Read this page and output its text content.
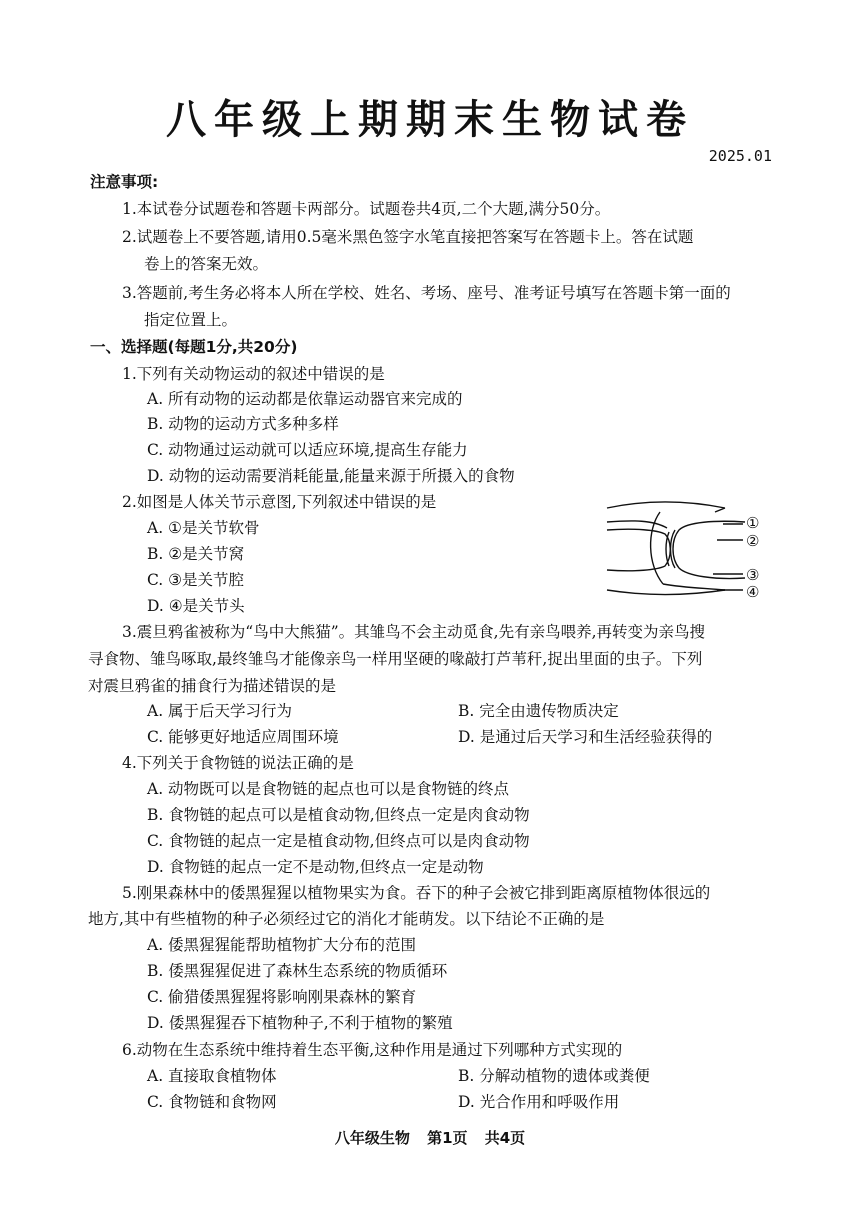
八年级上期期末生物试卷
2025.01
注意事项:
1.本试卷分试题卷和答题卡两部分。试题卷共4页,二个大题,满分50分。
2.试题卷上不要答题,请用0.5毫米黑色签字水笔直接把答案写在答题卡上。答在试题
卷上的答案无效。
3.答题前,考生务必将本人所在学校、姓名、考场、座号、准考证号填写在答题卡第一面的
指定位置上。
一、选择题(每题1分,共20分)
1.下列有关动物运动的叙述中错误的是
A. 所有动物的运动都是依靠运动器官来完成的
B. 动物的运动方式多种多样
C. 动物通过运动就可以适应环境,提高生存能力
D. 动物的运动需要消耗能量,能量来源于所摄入的食物
2.如图是人体关节示意图,下列叙述中错误的是
A. ①是关节软骨
B. ②是关节窝
C. ③是关节腔
D. ④是关节头
①
②
③
④
3.震旦鸦雀被称为“鸟中大熊猫”。其雏鸟不会主动觅食,先有亲鸟喂养,再转变为亲鸟搜
寻食物、雏鸟啄取,最终雏鸟才能像亲鸟一样用坚硬的喙敲打芦苇秆,捉出里面的虫子。下列
对震旦鸦雀的捕食行为描述错误的是
A. 属于后天学习行为	B. 完全由遗传物质决定
C. 能够更好地适应周围环境	D. 是通过后天学习和生活经验获得的
4.下列关于食物链的说法正确的是
A. 动物既可以是食物链的起点也可以是食物链的终点
B. 食物链的起点可以是植食动物,但终点一定是肉食动物
C. 食物链的起点一定是植食动物,但终点可以是肉食动物
D. 食物链的起点一定不是动物,但终点一定是动物
5.刚果森林中的倭黑猩猩以植物果实为食。吞下的种子会被它排到距离原植物体很远的
地方,其中有些植物的种子必须经过它的消化才能萌发。以下结论不正确的是
A. 倭黑猩猩能帮助植物扩大分布的范围
B. 倭黑猩猩促进了森林生态系统的物质循环
C. 偷猎倭黑猩猩将影响刚果森林的繁育
D. 倭黑猩猩吞下植物种子,不利于植物的繁殖
6.动物在生态系统中维持着生态平衡,这种作用是通过下列哪种方式实现的
A. 直接取食植物体	B. 分解动植物的遗体或粪便
C. 食物链和食物网	D. 光合作用和呼吸作用
八年级生物 第1页 共4页
